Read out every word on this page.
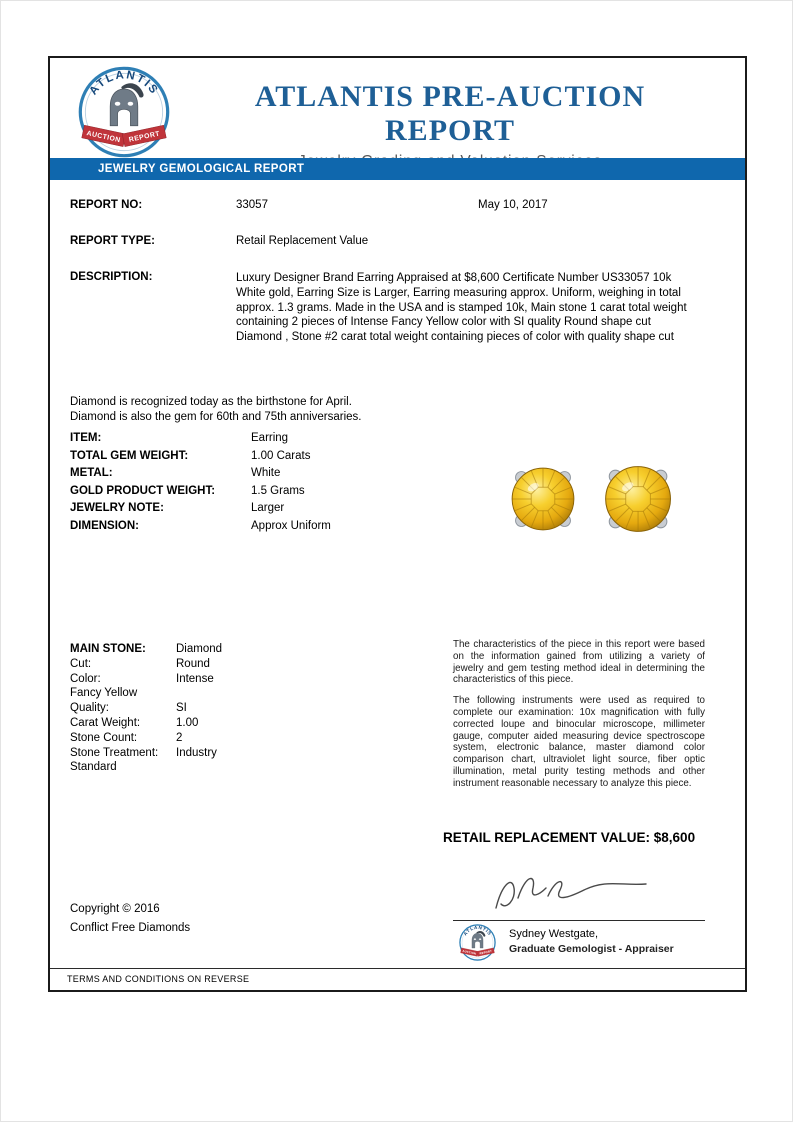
ATLANTIS PRE-AUCTION REPORT
JEWELRY GEMOLOGICAL REPORT
REPORT NO:	33057	May 10, 2017
REPORT TYPE:	Retail Replacement Value
DESCRIPTION:	Luxury Designer Brand Earring Appraised at $8,600 Certificate Number US33057 10k White gold, Earring Size is Larger, Earring measuring approx. Uniform, weighing in total approx. 1.3 grams. Made in the USA and is stamped 10k, Main stone 1 carat total weight containing 2 pieces of Intense Fancy Yellow color with SI quality Round shape cut Diamond , Stone #2 carat total weight containing pieces of color with quality shape cut
Diamond is recognized today as the birthstone for April.
Diamond is also the gem for 60th and 75th anniversaries.
ITEM:	Earring
TOTAL GEM WEIGHT:	1.00 Carats
METAL:	White
GOLD PRODUCT WEIGHT:	1.5 Grams
JEWELRY NOTE:	Larger
DIMENSION:	Approx Uniform
MAIN STONE:	Diamond
Cut:	Round
Color:	Intense Fancy Yellow
Quality:	SI
Carat Weight:	1.00
Stone Count:	2
Stone Treatment: Industry Standard

The characteristics of the piece in this report were based on the information gained from utilizing a variety of jewelry and gem testing method ideal in determining the characteristics of this piece.

The following instruments were used as required to complete our examination: 10x magnification with fully corrected loupe and binocular microscope, millimeter gauge, computer aided measuring device spectroscope system, electronic balance, master diamond color comparison chart, ultraviolet light source, fiber optic illumination, metal purity testing methods and other instrument reasonable necessary to analyze this piece.

RETAIL REPLACEMENT VALUE: $8,600
Copyright © 2016
Conflict Free Diamonds	Sydney Westgate,
Graduate Gemologist - Appraiser
TERMS AND CONDITIONS ON REVERSE
